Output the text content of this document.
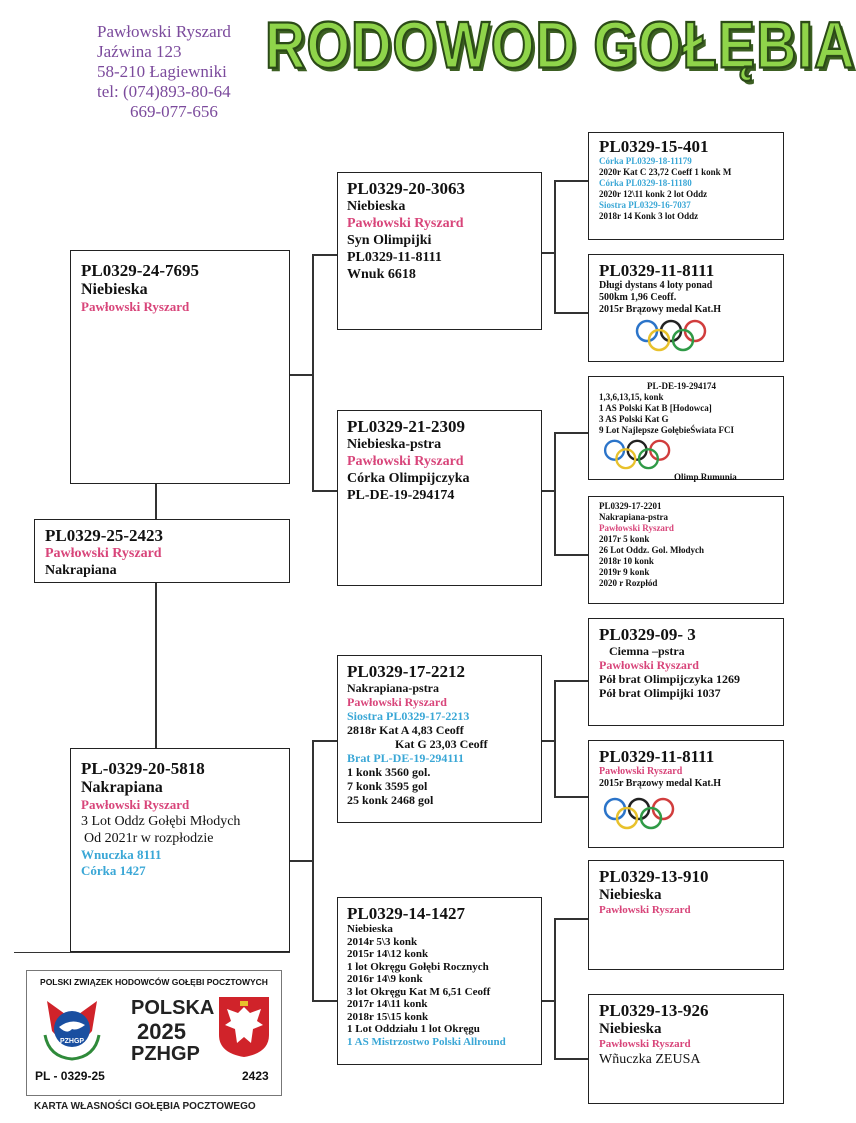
Pawłowski Ryszard
Jaźwina 123
58-210 Łagiewniki
tel: (074)893-80-64
669-077-656
RODOWOD GOŁĘBIA
PL0329-25-2423
Pawłowski Ryszard
Nakrapiana
PL0329-24-7695
Niebieska
Pawłowski Ryszard
PL-0329-20-5818
Nakrapiana
Pawłowski Ryszard
3 Lot Oddz Gołębi Młodych
Od 2021r w rozpłodzie
Wnuczka 8111
Córka 1427
PL0329-20-3063
Niebieska
Pawłowski Ryszard
Syn Olimpijki
PL0329-11-8111
Wnuk 6618
PL0329-21-2309
Niebieska-pstra
Pawłowski Ryszard
Córka Olimpijczyka
PL-DE-19-294174
PL0329-17-2212
Nakrapiana-pstra
Pawłowski Ryszard
Siostra PL0329-17-2213
2818r Kat A 4,83 Ceoff
Kat G 23,03 Ceoff
Brat PL-DE-19-294111
1 konk 3560 gol.
7 konk 3595 gol
25 konk 2468 gol
PL0329-14-1427
Niebieska
2014r 5\3 konk
2015r 14\12 konk
1 lot Okręgu Gołębi Rocznych
2016r 14\9 konk
3 lot Okręgu Kat M 6,51 Ceoff
2017r 14\11 konk
2018r 15\15 konk
1 Lot Oddziału 1 lot Okręgu
1 AS Mistrzostwo Polski Allround
PL0329-15-401
Córka PL0329-18-11179
2020r Kat C 23,72 Coeff 1 konk M
Córka PL0329-18-11180
2020r 12\11 konk 2 lot Oddz
Siostra PL0329-16-7037
2018r 14 Konk 3 lot Oddz
PL0329-11-8111
Długi dystans 4 loty ponad
500km 1,96 Ceoff.
2015r Brązowy medal Kat.H
PL-DE-19-294174
1,3,6,13,15, konk
1 AS Polski Kat B [Hodowca]
3 AS Polski Kat G
9 Lot Najlepsze GołębieŚwiata FCI
Olimp Rumunia
PL0329-17-2201
Nakrapiana-pstra
Pawłowski Ryszard
2017r 5 konk
26 Lot Oddz. Gol. Młodych
2018r 10 konk
2019r 9 konk
2020 r Rozpłód
PL0329-09- 3
Ciemna –pstra
Pawłowski Ryszard
Pół brat Olimpijczyka 1269
Pół brat Olimpijki 1037
PL0329-11-8111
Pawłowski Ryszard
2015r Brązowy medal Kat.H
PL0329-13-910
Niebieska
Pawłowski Ryszard
PL0329-13-926
Niebieska
Pawłowski Ryszard
Wñuczka ZEUSA
POLSKI ZWIĄZEK HODOWCÓW GOŁĘBI POCZTOWYCH
PZHGP
POLSKA
2025
PZHGP
PL - 0329-25	2423
KARTA WŁASNOŚCI GOŁĘBIA POCZTOWEGO
